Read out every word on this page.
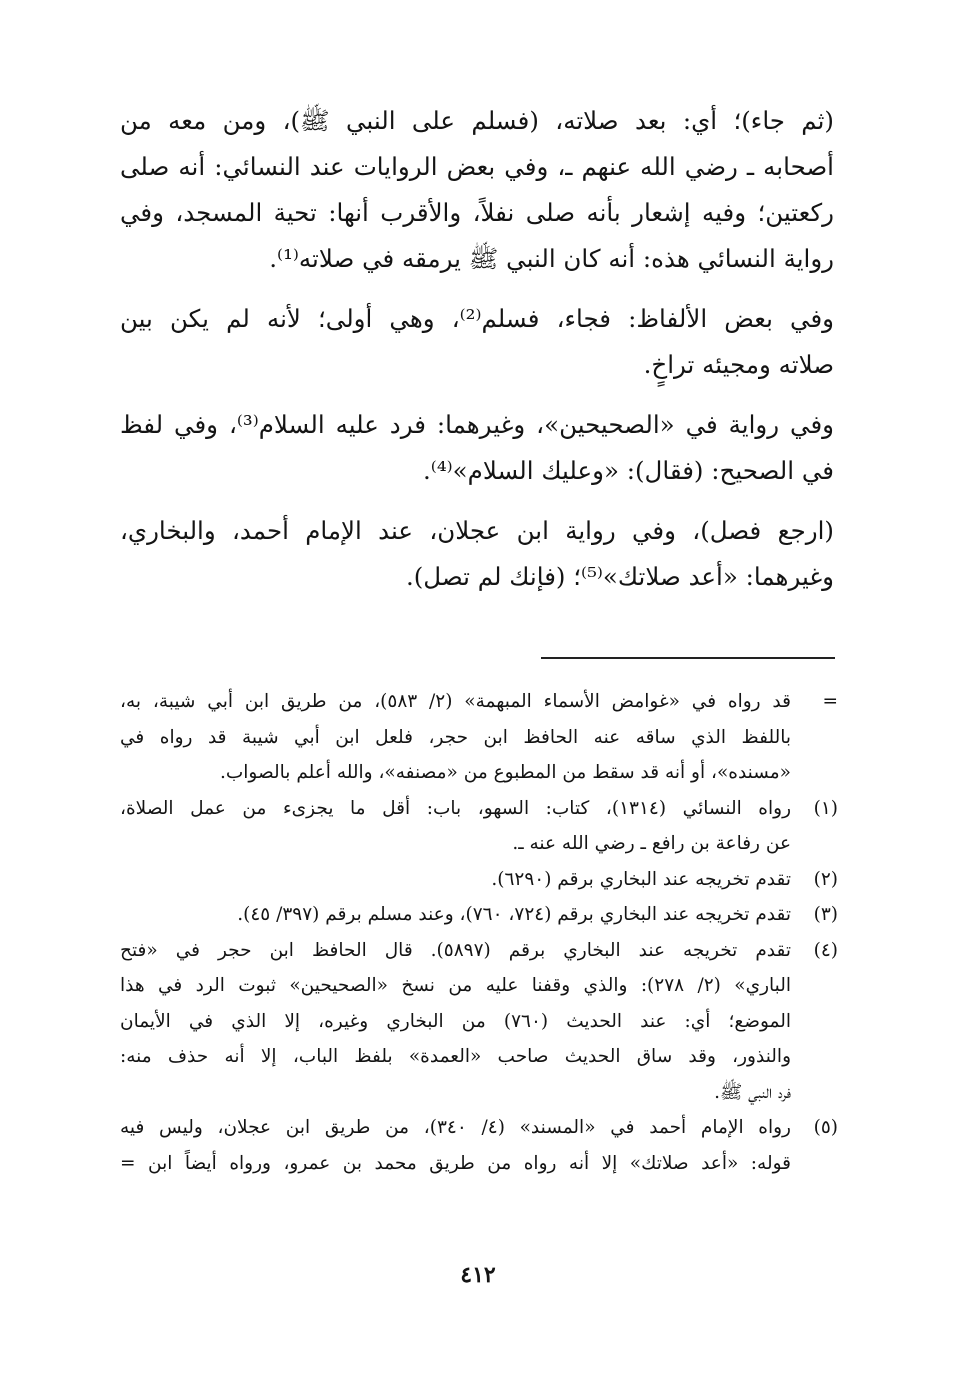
(ثم جاء)؛ أي: بعد صلاته، (فسلم على النبي ﷺ)، ومن معه من
أصحابه ـ رضي الله عنهم ـ، وفي بعض الروايات عند النسائي: أنه صلى
ركعتين؛ وفيه إشعار بأنه صلى نفلاً، والأقرب أنها: تحية المسجد، وفي
رواية النسائي هذه: أنه كان النبي ﷺ يرمقه في صلاته⁽¹⁾.
وفي بعض الألفاظ: فجاء، فسلم⁽²⁾، وهي أولى؛ لأنه لم يكن بين
صلاته ومجيئه تراخٍ.
وفي رواية في «الصحيحين»، وغيرهما: فرد عليه السلام⁽³⁾، وفي لفظ
في الصحيح: (فقال): «وعليك السلام»⁽⁴⁾.
(ارجع فصل)، وفي رواية ابن عجلان، عند الإمام أحمد، والبخاري،
وغيرهما: «أعد صلاتك»⁽⁵⁾؛ (فإنك لم تصل).
=
قد رواه في «غوامض الأسماء المبهمة» (٢/ ٥٨٣)، من طريق ابن أبي شيبة، به،
باللفظ الذي ساقه عنه الحافظ ابن حجر، فلعل ابن أبي شيبة قد رواه في
«مسنده»، أو أنه قد سقط من المطبوع من «مصنفه»، والله أعلم بالصواب.
(١)
رواه النسائي (١٣١٤)، كتاب: السهو، باب: أقل ما يجزىء من عمل الصلاة،
عن رفاعة بن رافع ـ رضي الله عنه ـ.
(٢)
تقدم تخريجه عند البخاري برقم (٦٢٩٠).
(٣)
تقدم تخريجه عند البخاري برقم (٧٢٤، ٧٦٠)، وعند مسلم برقم (٣٩٧/ ٤٥).
(٤)
تقدم تخريجه عند البخاري برقم (٥٨٩٧). قال الحافظ ابن حجر في «فتح
الباري» (٢/ ٢٧٨): والذي وقفنا عليه من نسخ «الصحيحين» ثبوت الرد في هذا
الموضع؛ أي: عند الحديث (٧٦٠) من البخاري وغيره، إلا الذي في الأيمان
والنذور، وقد ساق الحديث صاحب «العمدة» بلفظ الباب، إلا أنه حذف منه:
فرد النبي ﷺ.
(٥)
رواه الإمام أحمد في «المسند» (٤/ ٣٤٠)، من طريق ابن عجلان، وليس فيه
قوله: «أعد صلاتك» إلا أنه رواه من طريق محمد بن عمرو، ورواه أيضاً ابن =
٤١٢
